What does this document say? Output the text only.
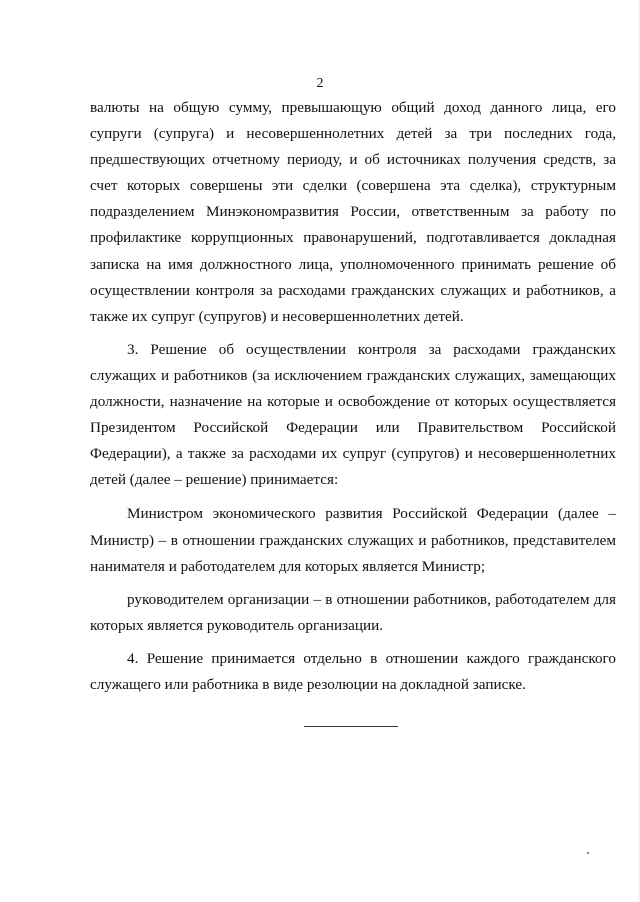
2

валюты на общую сумму, превышающую общий доход данного лица, его супруги (супруга) и несовершеннолетних детей за три последних года, предшествующих отчетному периоду, и об источниках получения средств, за счет которых совершены эти сделки (совершена эта сделка), структурным подразделением Минэкономразвития России, ответственным за работу по профилактике коррупционных правонарушений, подготавливается докладная записка на имя должностного лица, уполномоченного принимать решение об осуществлении контроля за расходами гражданских служащих и работников, а также их супруг (супругов) и несовершеннолетних детей.

3. Решение об осуществлении контроля за расходами гражданских служащих и работников (за исключением гражданских служащих, замещающих должности, назначение на которые и освобождение от которых осуществляется Президентом Российской Федерации или Правительством Российской Федерации), а также за расходами их супруг (супругов) и несовершеннолетних детей (далее – решение) принимается:

Министром экономического развития Российской Федерации (далее – Министр) – в отношении гражданских служащих и работников, представителем нанимателя и работодателем для которых является Министр;

руководителем организации – в отношении работников, работодателем для которых является руководитель организации.

4. Решение принимается отдельно в отношении каждого гражданского служащего или работника в виде резолюции на докладной записке.
